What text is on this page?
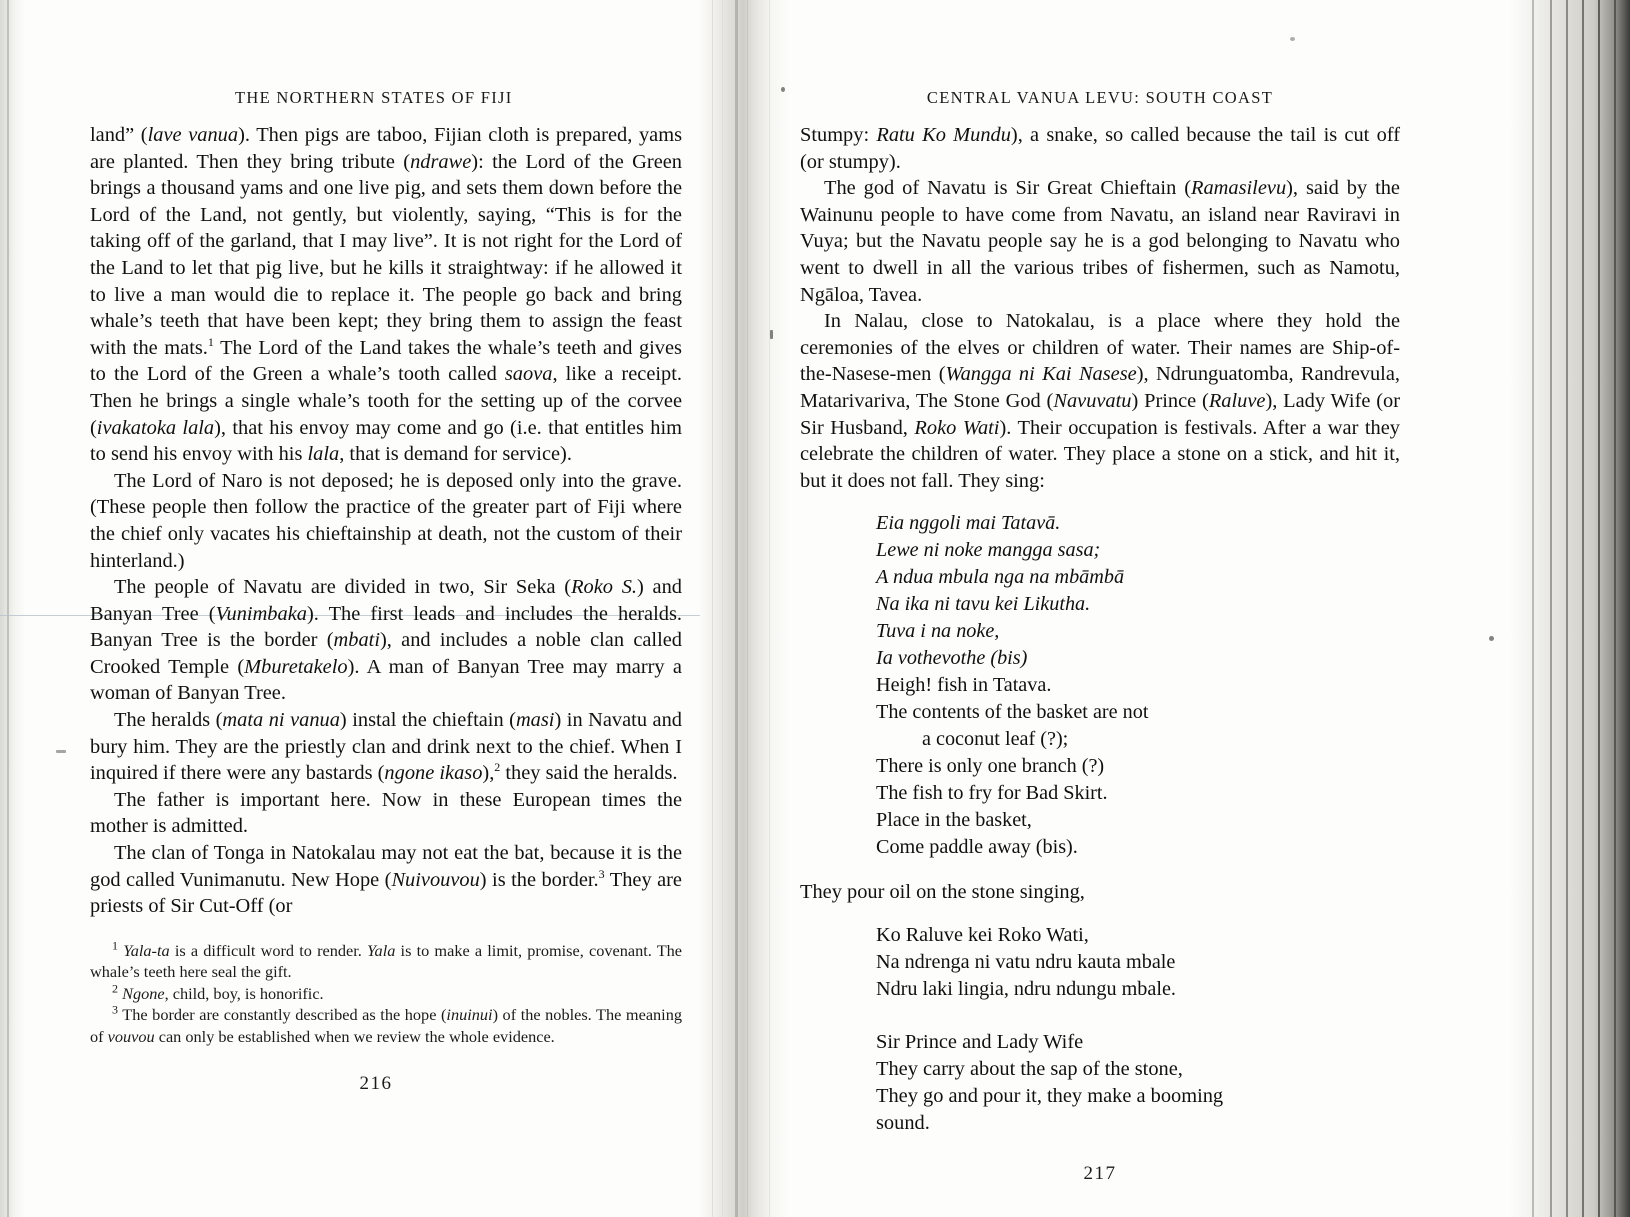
THE NORTHERN STATES OF FIJI

land” (lave vanua). Then pigs are taboo, Fijian cloth is prepared, yams are planted. Then they bring tribute (ndrawe): the Lord of the Green brings a thousand yams and one live pig, and sets them down before the Lord of the Land, not gently, but violently, saying, “This is for the taking off of the garland, that I may live”. It is not right for the Lord of the Land to let that pig live, but he kills it straightway: if he allowed it to live a man would die to replace it. The people go back and bring whale’s teeth that have been kept; they bring them to assign the feast with the mats.$^1$ The Lord of the Land takes the whale’s teeth and gives to the Lord of the Green a whale’s tooth called saova, like a receipt. Then he brings a single whale’s tooth for the setting up of the corvee (ivakatoka lala), that his envoy may come and go (i.e. that entitles him to send his envoy with his lala, that is demand for service).

The Lord of Naro is not deposed; he is deposed only into the grave. (These people then follow the practice of the greater part of Fiji where the chief only vacates his chieftainship at death, not the custom of their hinterland.)

The people of Navatu are divided in two, Sir Seka (Roko S.) and Banyan Tree (Vunimbaka). The first leads and includes the heralds. Banyan Tree is the border (mbati), and includes a noble clan called Crooked Temple (Mburetakelo). A man of Banyan Tree may marry a woman of Banyan Tree.

The heralds (mata ni vanua) instal the chieftain (masi) in Navatu and bury him. They are the priestly clan and drink next to the chief. When I inquired if there were any bastards (ngone ikaso),$^2$ they said the heralds.

The father is important here. Now in these European times the mother is admitted.

The clan of Tonga in Natokalau may not eat the bat, because it is the god called Vunimanutu. New Hope (Nuivouvou) is the border.$^3$ They are priests of Sir Cut-Off (or

$^1$ Yala-ta is a difficult word to render. Yala is to make a limit, promise, covenant. The whale’s teeth here seal the gift.

$^2$ Ngone, child, boy, is honorific.

$^3$ The border are constantly described as the hope (inuinui) of the nobles. The meaning of vouvou can only be established when we review the whole evidence.

216
CENTRAL VANUA LEVU: SOUTH COAST

Stumpy: Ratu Ko Mundu), a snake, so called because the tail is cut off (or stumpy).

The god of Navatu is Sir Great Chieftain (Ramasilevu), said by the Wainunu people to have come from Navatu, an island near Raviravi in Vuya; but the Navatu people say he is a god belonging to Navatu who went to dwell in all the various tribes of fishermen, such as Namotu, Ngāloa, Tavea.

In Nalau, close to Natokalau, is a place where they hold the ceremonies of the elves or children of water. Their names are Ship-of-the-Nasese-men (Wangga ni Kai Nasese), Ndrunguatomba, Randrevula, Matarivariva, The Stone God (Navuvatu) Prince (Raluve), Lady Wife (or Sir Husband, Roko Wati). Their occupation is festivals. After a war they celebrate the children of water. They place a stone on a stick, and hit it, but it does not fall. They sing:

Eia nggoli mai Tatavā.
Lewe ni noke mangga sasa;
A ndua mbula nga na mbāmbā
Na ika ni tavu kei Likutha.
Tuva i na noke,
Ia vothevothe (bis)
Heigh! fish in Tatava.
The contents of the basket are not
a coconut leaf (?);
There is only one branch (?)
The fish to fry for Bad Skirt.
Place in the basket,
Come paddle away (bis).
They pour oil on the stone singing,
Ko Raluve kei Roko Wati,
Na ndrenga ni vatu ndru kauta mbale
Ndru laki lingia, ndru ndungu mbale.
Sir Prince and Lady Wife
They carry about the sap of the stone,
They go and pour it, they make a booming
sound.
217
